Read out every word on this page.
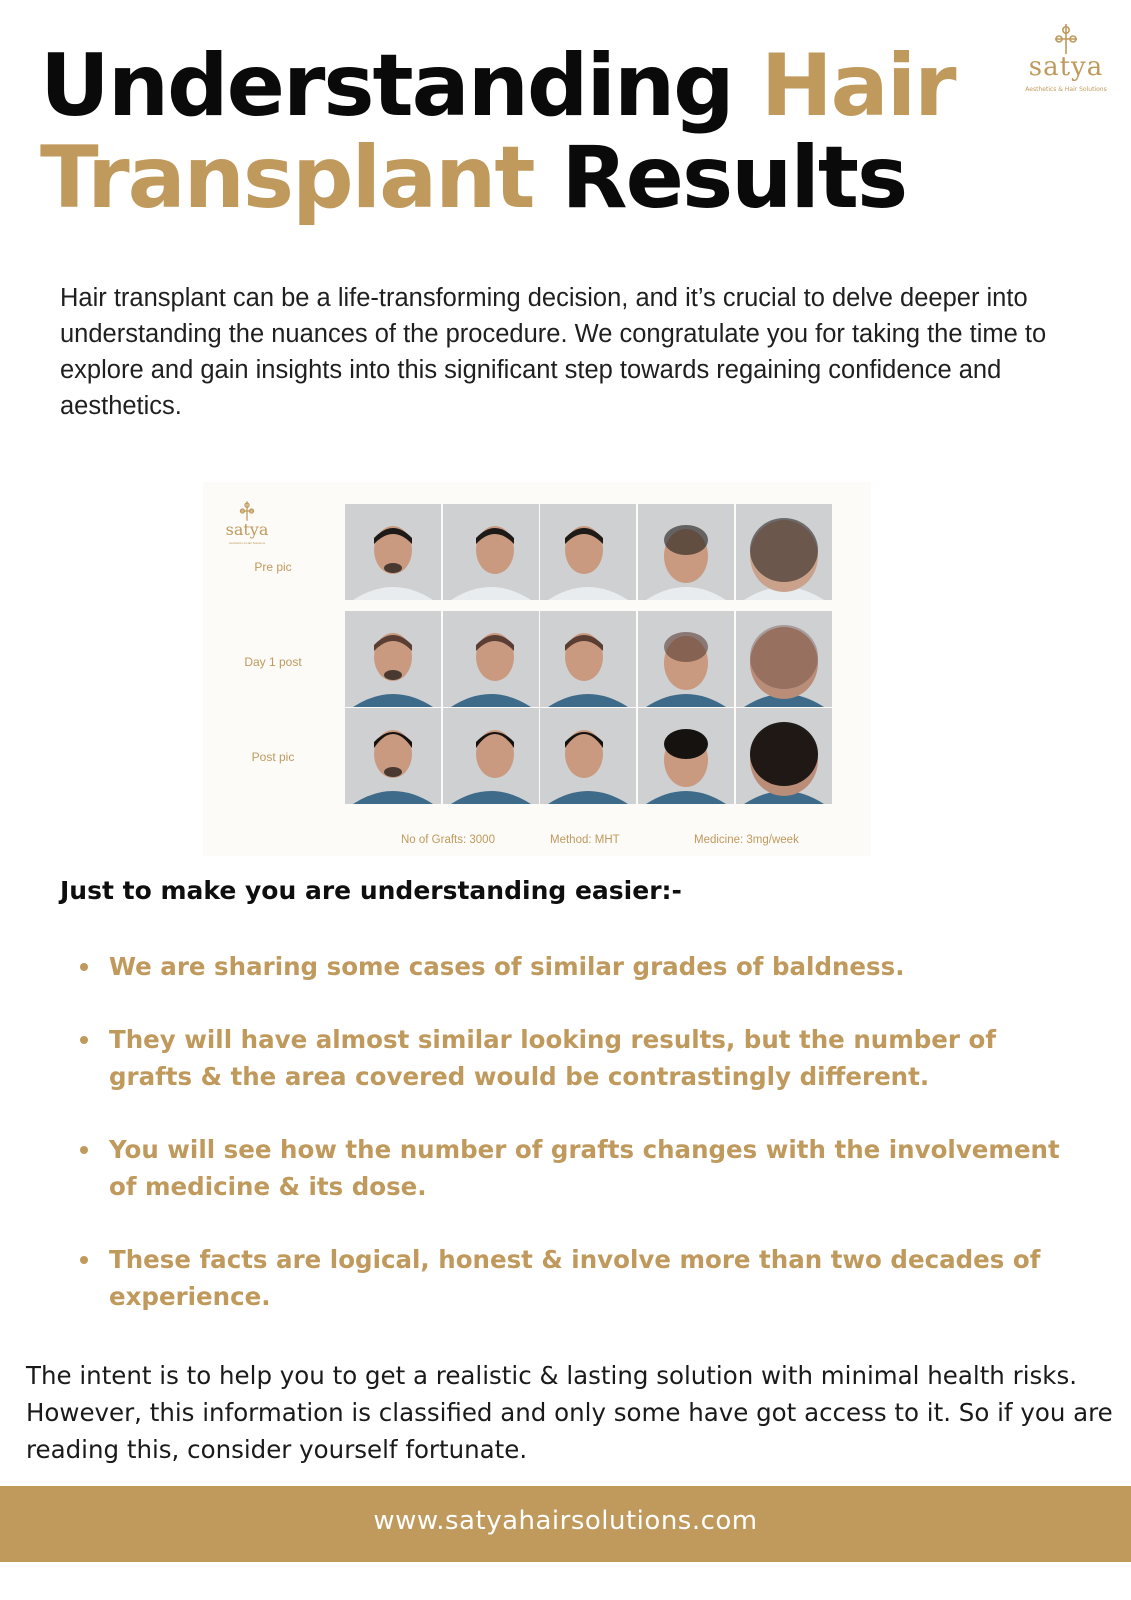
Understanding Hair
Transplant Results
satya
Aesthetics & Hair Solutions

Hair transplant can be a life-transforming decision, and it’s crucial to delve deeper into understanding the nuances of the procedure. We congratulate you for taking the time to explore and gain insights into this significant step towards regaining confidence and aesthetics.

satya
Aesthetics & Hair Solutions
Pre pic
Day 1 post
Post pic
No of Grafts: 3000	Method: MHT	Medicine: 3mg/week
Just to make you are understanding easier:-
We are sharing some cases of similar grades of baldness.
They will have almost similar looking results, but the number of grafts & the area covered would be contrastingly different.
You will see how the number of grafts changes with the involvement of medicine & its dose.
These facts are logical, honest & involve more than two decades of experience.

The intent is to help you to get a realistic & lasting solution with minimal health risks. However, this information is classified and only some have got access to it. So if you are reading this, consider yourself fortunate.

www.satyahairsolutions.com
